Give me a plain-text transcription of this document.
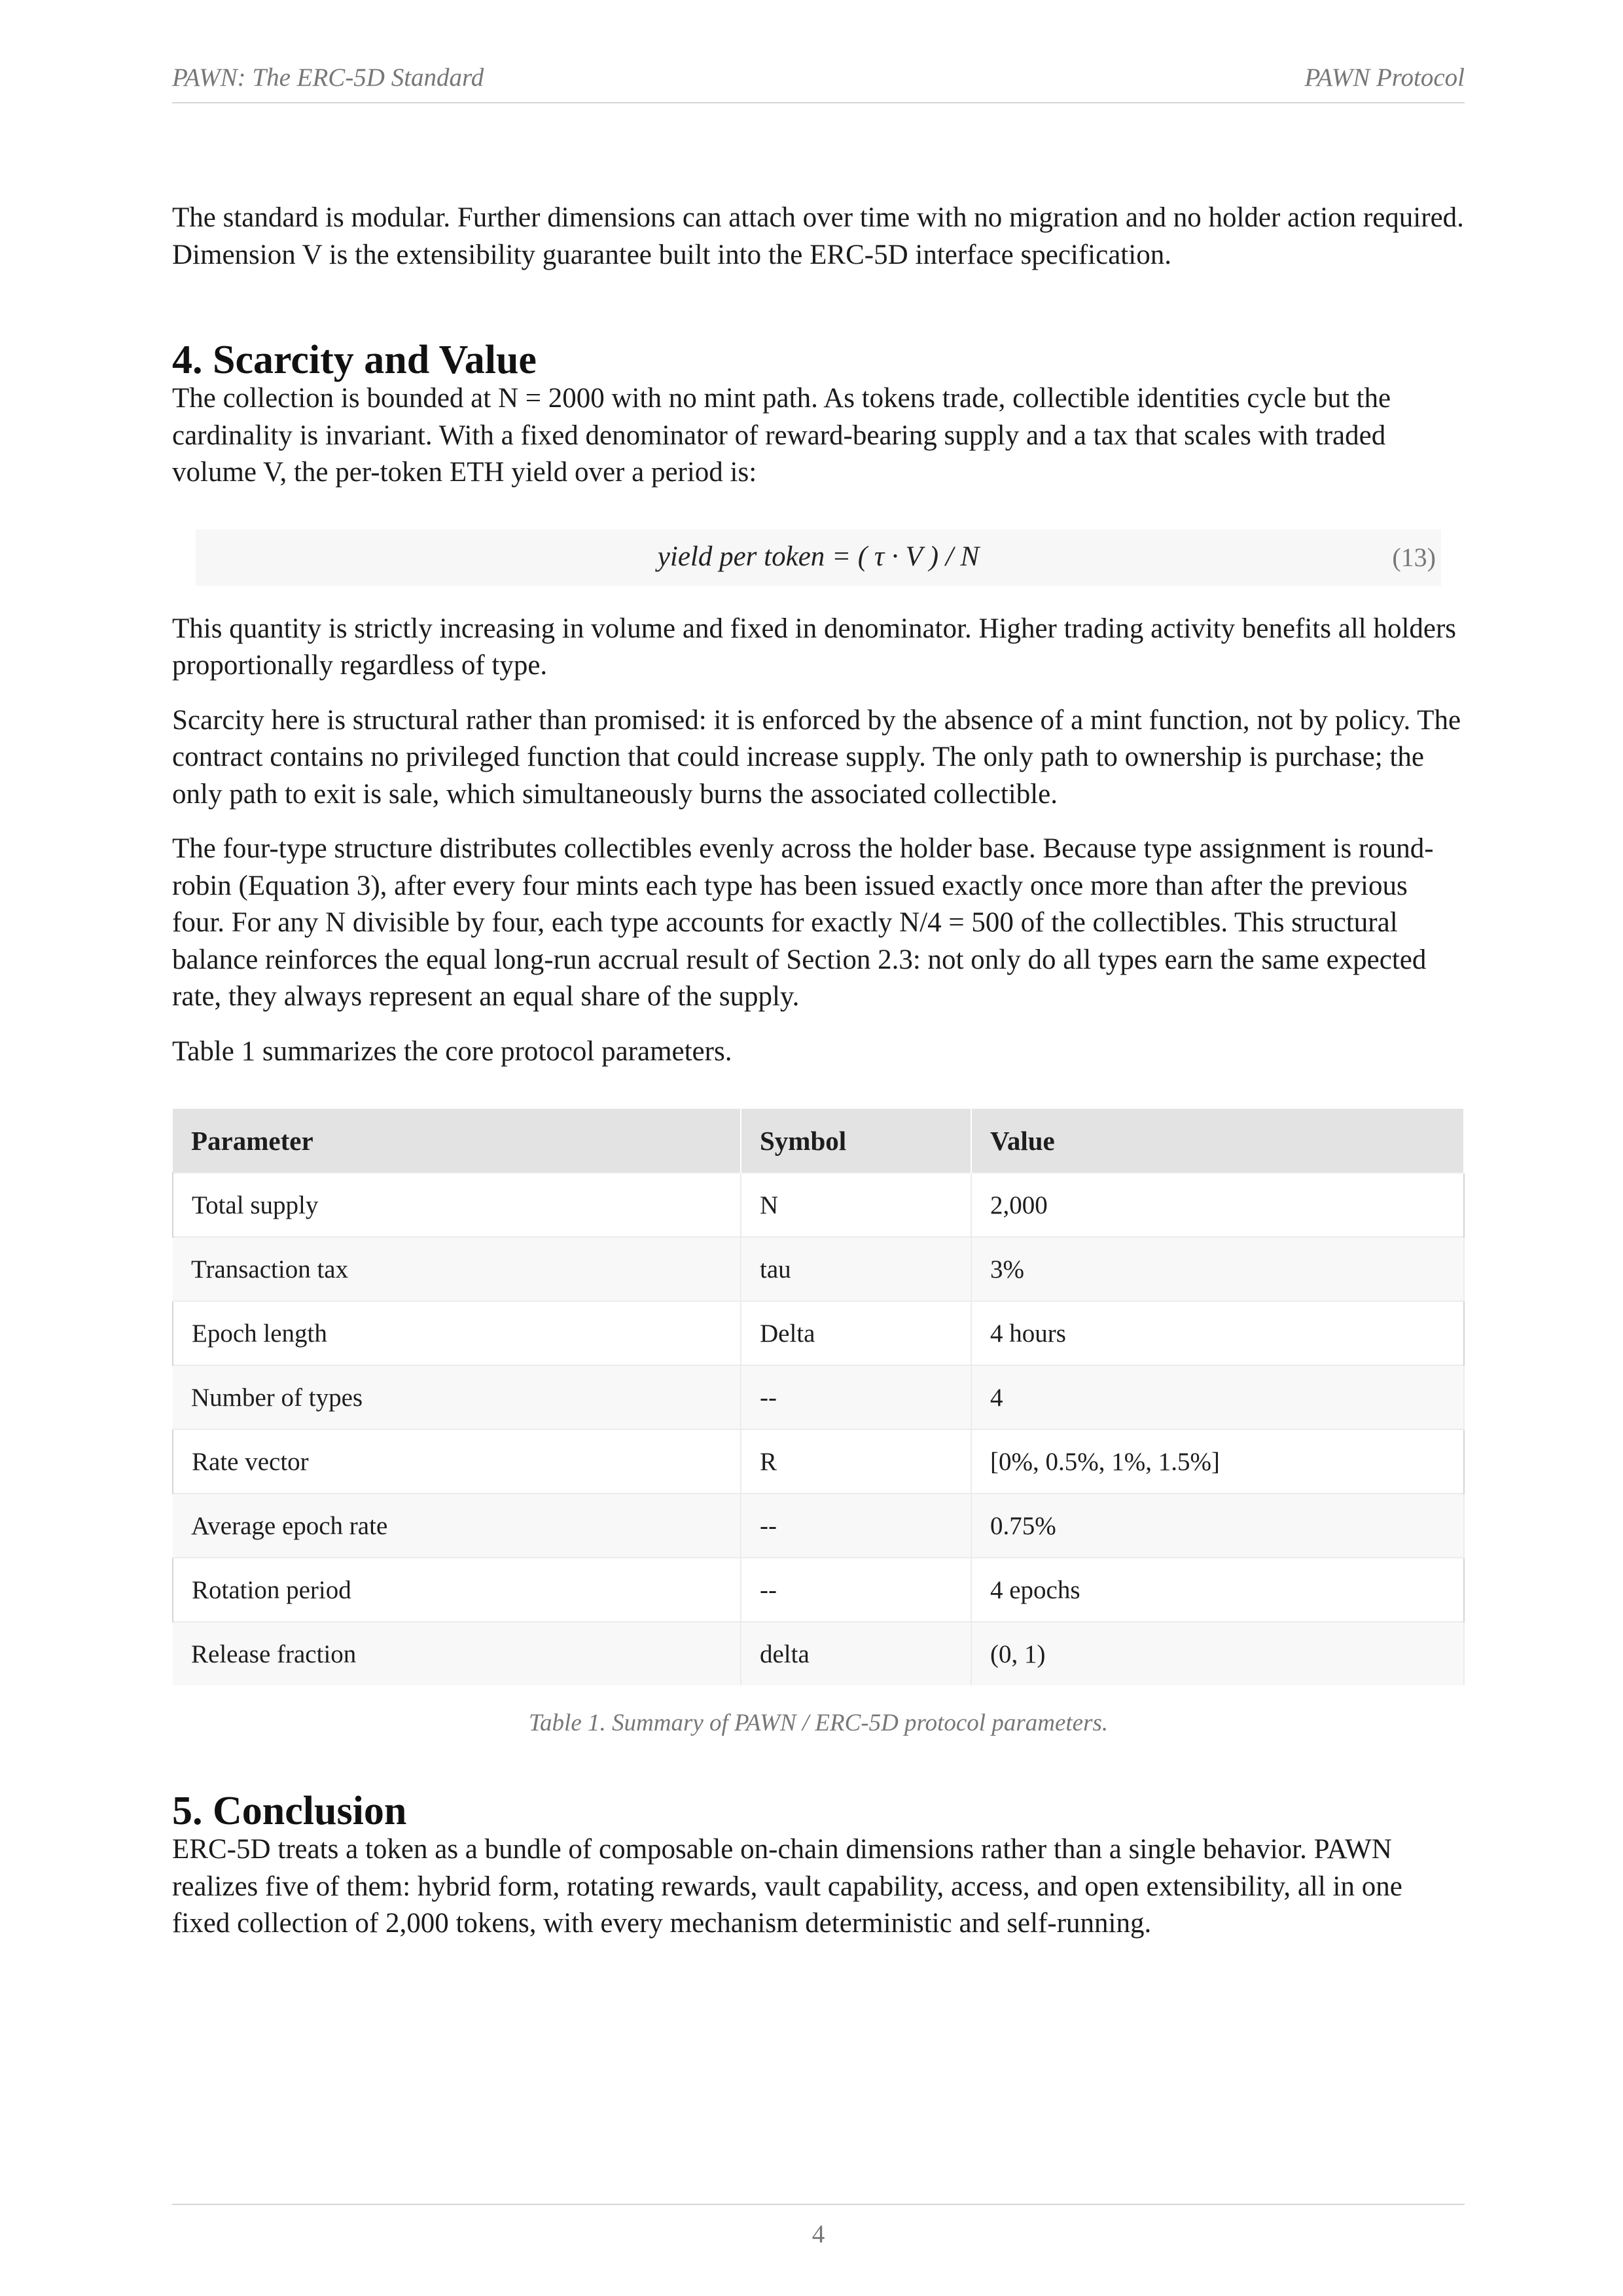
PAWN: The ERC-5D Standard	PAWN Protocol

The standard is modular. Further dimensions can attach over time with no migration and no holder action required. Dimension V is the extensibility guarantee built into the ERC-5D interface specification.

4. Scarcity and Value

The collection is bounded at N = 2000 with no mint path. As tokens trade, collectible identities cycle but the cardinality is invariant. With a fixed denominator of reward-bearing supply and a tax that scales with traded volume V, the per-token ETH yield over a period is:

yield per token = ( τ · V ) / N	(13)

This quantity is strictly increasing in volume and fixed in denominator. Higher trading activity benefits all holders proportionally regardless of type.

Scarcity here is structural rather than promised: it is enforced by the absence of a mint function, not by policy. The contract contains no privileged function that could increase supply. The only path to ownership is purchase; the only path to exit is sale, which simultaneously burns the associated collectible.

The four-type structure distributes collectibles evenly across the holder base. Because type assignment is round-robin (Equation 3), after every four mints each type has been issued exactly once more than after the previous four. For any N divisible by four, each type accounts for exactly N/4 = 500 of the collectibles. This structural balance reinforces the equal long-run accrual result of Section 2.3: not only do all types earn the same expected rate, they always represent an equal share of the supply.

Table 1 summarizes the core protocol parameters.

Parameter	Symbol	Value
Total supply	N	2,000
Transaction tax	tau	3%
Epoch length	Delta	4 hours
Number of types	--	4
Rate vector	R	[0%, 0.5%, 1%, 1.5%]
Average epoch rate	--	0.75%
Rotation period	--	4 epochs
Release fraction	delta	(0, 1)
Table 1. Summary of PAWN / ERC-5D protocol parameters.
5. Conclusion

ERC-5D treats a token as a bundle of composable on-chain dimensions rather than a single behavior. PAWN realizes five of them: hybrid form, rotating rewards, vault capability, access, and open extensibility, all in one fixed collection of 2,000 tokens, with every mechanism deterministic and self-running.

4
